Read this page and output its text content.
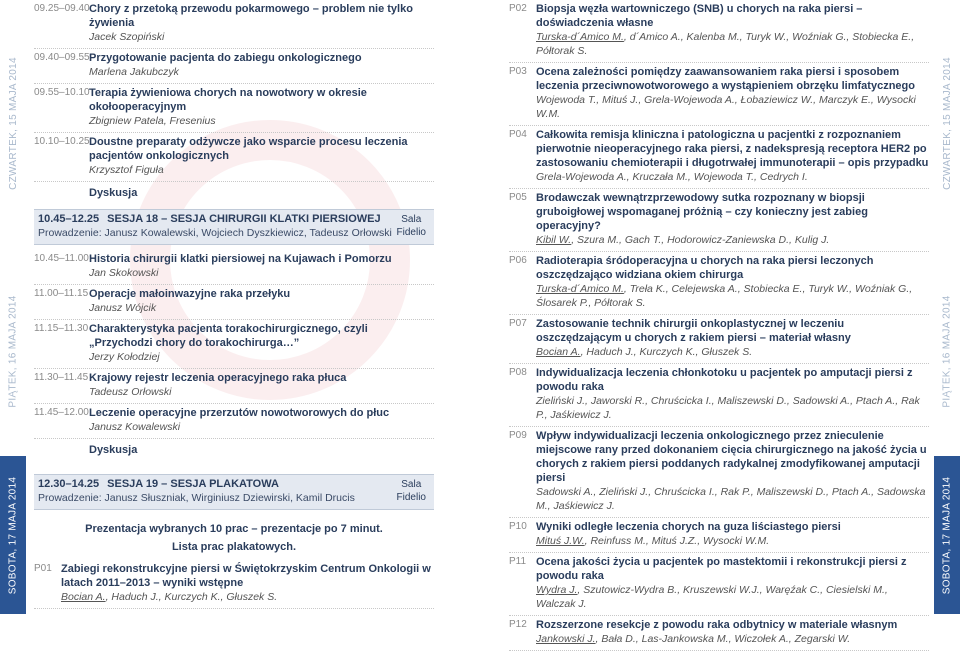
CZWARTEK, 15 MAJA 2014
PIĄTEK, 16 MAJA 2014
SOBOTA, 17 MAJA 2014
CZWARTEK, 15 MAJA 2014
PIĄTEK, 16 MAJA 2014
SOBOTA, 17 MAJA 2014
09.25–09.40 Chory z przetoką przewodu pokarmowego – problem nie tylko żywienia
Jacek Szopiński
09.40–09.55 Przygotowanie pacjenta do zabiegu onkologicznego
Marlena Jakubczyk
09.55–10.10 Terapia żywieniowa chorych na nowotwory w okresie okołooperacyjnym
Zbigniew Patela, Fresenius
10.10–10.25 Doustne preparaty odżywcze jako wsparcie procesu leczenia pacjentów onkologicznych
Krzysztof Figuła
Dyskusja
10.45–12.25 SESJA 18 – SESJA CHIRURGII KLATKI PIERSIOWEJ
Prowadzenie: Janusz Kowalewski, Wojciech Dyszkiewicz, Tadeusz Orłowski
Sala
Fidelio
10.45–11.00 Historia chirurgii klatki piersiowej na Kujawach i Pomorzu
Jan Skokowski
11.00–11.15 Operacje małoinwazyjne raka przełyku
Janusz Wójcik
11.15–11.30 Charakterystyka pacjenta torakochirurgicznego, czyli „Przychodzi chory do torakochirurga…”
Jerzy Kołodziej
11.30–11.45 Krajowy rejestr leczenia operacyjnego raka płuca
Tadeusz Orłowski
11.45–12.00 Leczenie operacyjne przerzutów nowotworowych do płuc
Janusz Kowalewski
Dyskusja
12.30–14.25 SESJA 19 – SESJA PLAKATOWA
Prowadzenie: Janusz Słuszniak, Wirginiusz Dziewirski, Kamil Drucis
Sala
Fidelio
Prezentacja wybranych 10 prac – prezentacje po 7 minut.
Lista prac plakatowych.
P01 Zabiegi rekonstrukcyjne piersi w Świętokrzyskim Centrum Onkologii w latach 2011–2013 – wyniki wstępne
Bocian A., Haduch J., Kurczych K., Głuszek S.
P02 Biopsja węzła wartowniczego (SNB) u chorych na raka piersi – doświadczenia własne
Turska-d´Amico M., d´Amico A., Kalenba M., Turyk W., Woźniak G., Stobiecka E., Półtorak S.
P03 Ocena zależności pomiędzy zaawansowaniem raka piersi i sposobem leczenia przeciwnowotworowego a wystąpieniem obrzęku limfatycznego
Wojewoda T., Mituś J., Grela-Wojewoda A., Łobaziewicz W., Marczyk E., Wysocki W.M.
P04 Całkowita remisja kliniczna i patologiczna u pacjentki z rozpoznaniem pierwotnie nieoperacyjnego raka piersi, z nadekspresją receptora HER2 po zastosowaniu chemioterapii i długotrwałej immunoterapii – opis przypadku
Grela-Wojewoda A., Kruczała M., Wojewoda T., Cedrych I.
P05 Brodawczak wewnątrzprzewodowy sutka rozpoznany w biopsji gruboigłowej wspomaganej próżnią – czy konieczny jest zabieg operacyjny?
Kibil W., Szura M., Gach T., Hodorowicz-Zaniewska D., Kulig J.
P06 Radioterapia śródoperacyjna u chorych na raka piersi leczonych oszczędzająco widziana okiem chirurga
Turska-d´Amico M., Treła K., Celejewska A., Stobiecka E., Turyk W., Woźniak G., Ślosarek P., Półtorak S.
P07 Zastosowanie technik chirurgii onkoplastycznej w leczeniu oszczędzającym u chorych z rakiem piersi – materiał własny
Bocian A., Haduch J., Kurczych K., Głuszek S.
P08 Indywidualizacja leczenia chłonkotoku u pacjentek po amputacji piersi z powodu raka
Zieliński J., Jaworski R., Chruścicka I., Maliszewski D., Sadowski A., Ptach A., Rak P., Jaśkiewicz J.
P09 Wpływ indywidualizacji leczenia onkologicznego przez znieculenie miejscowe rany przed dokonaniem cięcia chirurgicznego na jakość życia u chorych z rakiem piersi poddanych radykalnej zmodyfikowanej amputacji piersi
Sadowski A., Zieliński J., Chruścicka I., Rak P., Maliszewski D., Ptach A., Sadowska M., Jaśkiewicz J.
P10 Wyniki odległe leczenia chorych na guza liściastego piersi
Mituś J.W., Reinfuss M., Mituś J.Z., Wysocki W.M.
P11 Ocena jakości życia u pacjentek po mastektomii i rekonstrukcji piersi z powodu raka
Wydra J., Szutowicz-Wydra B., Kruszewski W.J., Waręźak C., Ciesielski M., Walczak J.
P12 Rozszerzone resekcje z powodu raka odbytnicy w materiale własnym
Jankowski J., Bała D., Las-Jankowska M., Wiczołek A., Zegarski W.
